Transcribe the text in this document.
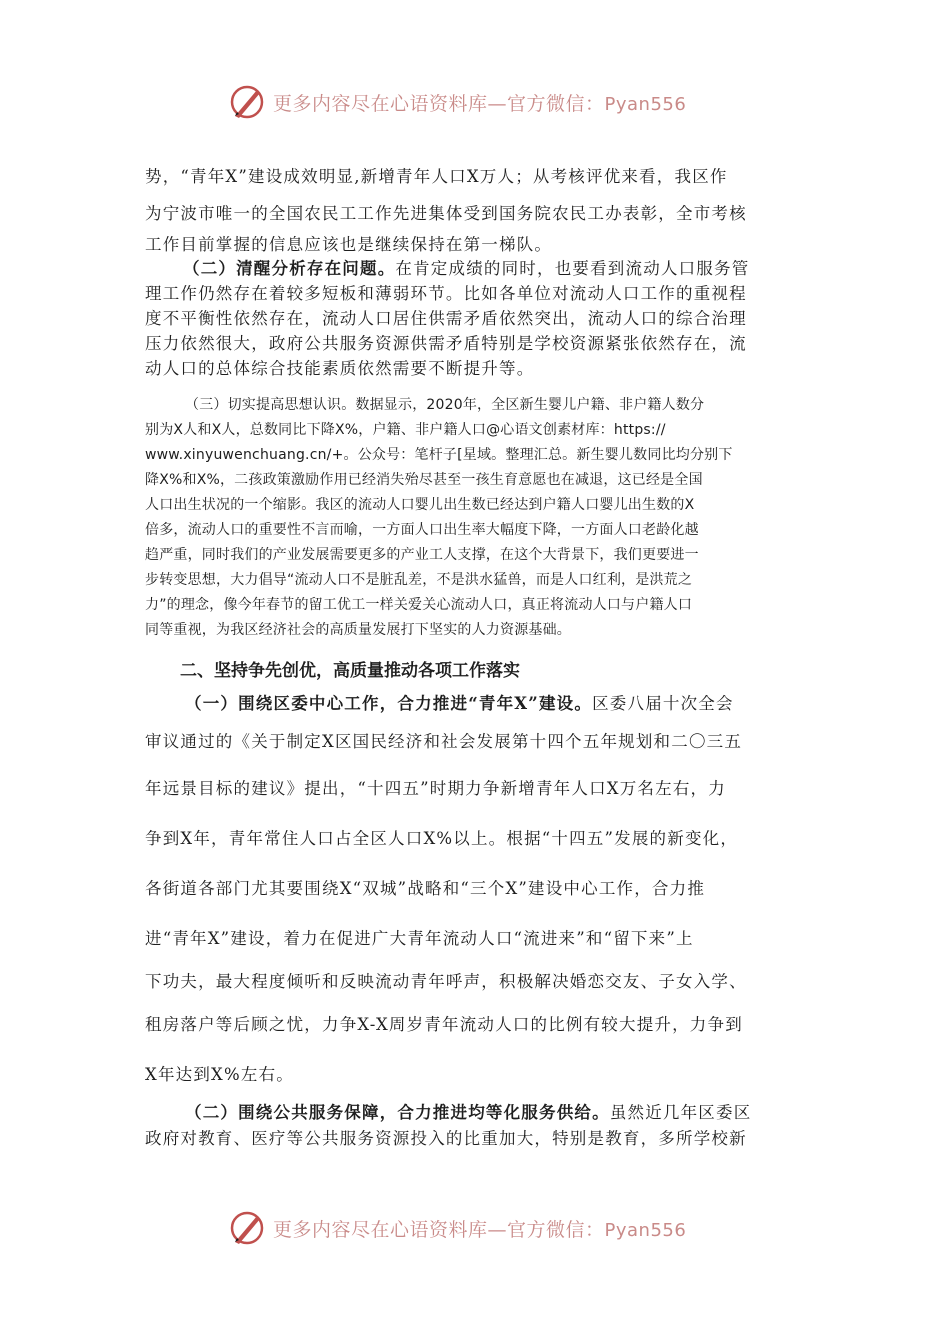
更多内容尽在心语资料库—官方微信：Pyan556
势，“青年X”建设成效明显,新增青年人口X万人；从考核评优来看，我区作
为宁波市唯一的全国农民工工作先进集体受到国务院农民工办表彰，全市考核
工作目前掌握的信息应该也是继续保持在第一梯队。
（二）清醒分析存在问题。在肯定成绩的同时，也要看到流动人口服务管
理工作仍然存在着较多短板和薄弱环节。比如各单位对流动人口工作的重视程
度不平衡性依然存在，流动人口居住供需矛盾依然突出，流动人口的综合治理
压力依然很大，政府公共服务资源供需矛盾特别是学校资源紧张依然存在，流
动人口的总体综合技能素质依然需要不断提升等。
（三）切实提高思想认识。数据显示，2020年，全区新生婴儿户籍、非户籍人数分
别为X人和X人，总数同比下降X%，户籍、非户籍人口@心语文创素材库：https://
www.xinyuwenchuang.cn/+。公众号：笔杆子[星域。整理汇总。新生婴儿数同比均分别下
降X%和X%，二孩政策激励作用已经消失殆尽甚至一孩生育意愿也在减退，这已经是全国
人口出生状况的一个缩影。我区的流动人口婴儿出生数已经达到户籍人口婴儿出生数的X
倍多，流动人口的重要性不言而喻，一方面人口出生率大幅度下降，一方面人口老龄化越
趋严重，同时我们的产业发展需要更多的产业工人支撑，在这个大背景下，我们更要进一
步转变思想，大力倡导“流动人口不是脏乱差，不是洪水猛兽，而是人口红利，是洪荒之
力”的理念，像今年春节的留工优工一样关爱关心流动人口，真正将流动人口与户籍人口
同等重视，为我区经济社会的高质量发展打下坚实的人力资源基础。
二、坚持争先创优，高质量推动各项工作落实
（一）围绕区委中心工作，合力推进“青年X”建设。区委八届十次全会
审议通过的《关于制定X区国民经济和社会发展第十四个五年规划和二〇三五
年远景目标的建议》提出，“十四五”时期力争新增青年人口X万名左右，力
争到X年，青年常住人口占全区人口X%以上。根据“十四五”发展的新变化，
各街道各部门尤其要围绕X“双城”战略和“三个X”建设中心工作，合力推
进“青年X”建设，着力在促进广大青年流动人口“流进来”和“留下来”上
下功夫，最大程度倾听和反映流动青年呼声，积极解决婚恋交友、子女入学、
租房落户等后顾之忧，力争X-X周岁青年流动人口的比例有较大提升，力争到
X年达到X%左右。
（二）围绕公共服务保障，合力推进均等化服务供给。虽然近几年区委区
政府对教育、医疗等公共服务资源投入的比重加大，特别是教育，多所学校新
更多内容尽在心语资料库—官方微信：Pyan556
